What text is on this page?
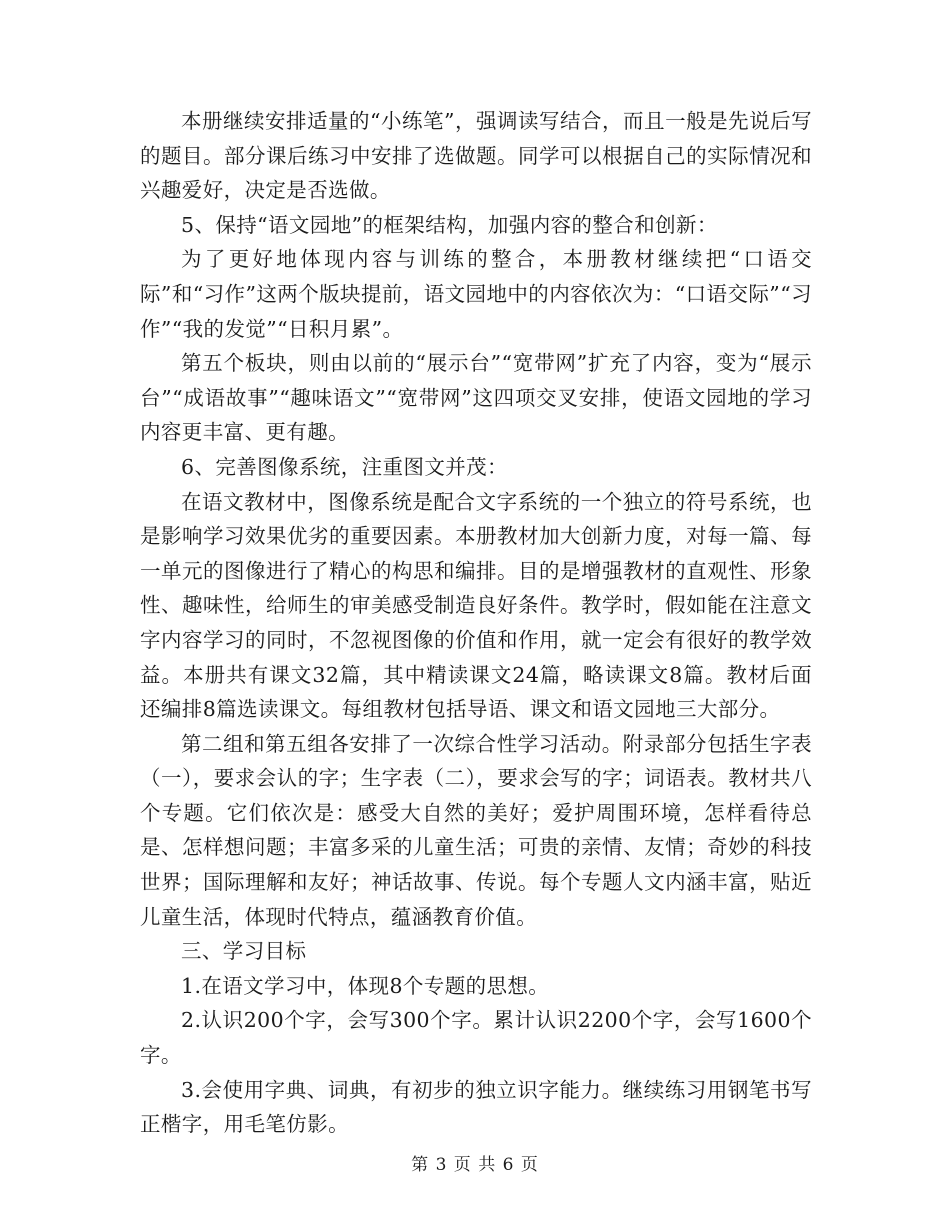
本册继续安排适量的“小练笔”，强调读写结合，而且一般是先说后写的题目。部分课后练习中安排了选做题。同学可以根据自己的实际情况和兴趣爱好，决定是否选做。

5、保持“语文园地”的框架结构，加强内容的整合和创新：

为了更好地体现内容与训练的整合，本册教材继续把“口语交际”和“习作”这两个版块提前，语文园地中的内容依次为：“口语交际”“习作”“我的发觉”“日积月累”。

第五个板块，则由以前的“展示台”“宽带网”扩充了内容，变为“展示台”“成语故事”“趣味语文”“宽带网”这四项交叉安排，使语文园地的学习内容更丰富、更有趣。

6、完善图像系统，注重图文并茂：

在语文教材中，图像系统是配合文字系统的一个独立的符号系统，也是影响学习效果优劣的重要因素。本册教材加大创新力度，对每一篇、每一单元的图像进行了精心的构思和编排。目的是增强教材的直观性、形象性、趣味性，给师生的审美感受制造良好条件。教学时，假如能在注意文字内容学习的同时，不忽视图像的价值和作用，就一定会有很好的教学效益。本册共有课文32篇，其中精读课文24篇，略读课文8篇。教材后面还编排8篇选读课文。每组教材包括导语、课文和语文园地三大部分。

第二组和第五组各安排了一次综合性学习活动。附录部分包括生字表（一），要求会认的字；生字表（二），要求会写的字；词语表。教材共八个专题。它们依次是：感受大自然的美好；爱护周围环境，怎样看待总是、怎样想问题；丰富多采的儿童生活；可贵的亲情、友情；奇妙的科技世界；国际理解和友好；神话故事、传说。每个专题人文内涵丰富，贴近儿童生活，体现时代特点，蕴涵教育价值。

三、学习目标

1.在语文学习中，体现8个专题的思想。

2.认识200个字，会写300个字。累计认识2200个字，会写1600个字。

3.会使用字典、词典，有初步的独立识字能力。继续练习用钢笔书写正楷字，用毛笔仿影。

第 3 页 共 6 页
